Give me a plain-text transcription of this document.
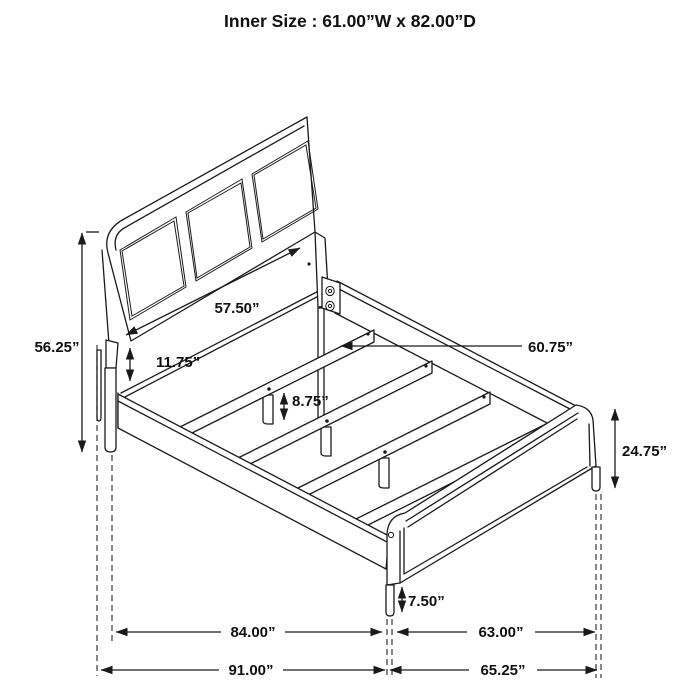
56.25”
57.50”
11.75”
60.75”
8.75”
24.75”
7.50”
84.00”	63.00”
91.00”	65.25”
Inner Size : 61.00”W x 82.00”D
